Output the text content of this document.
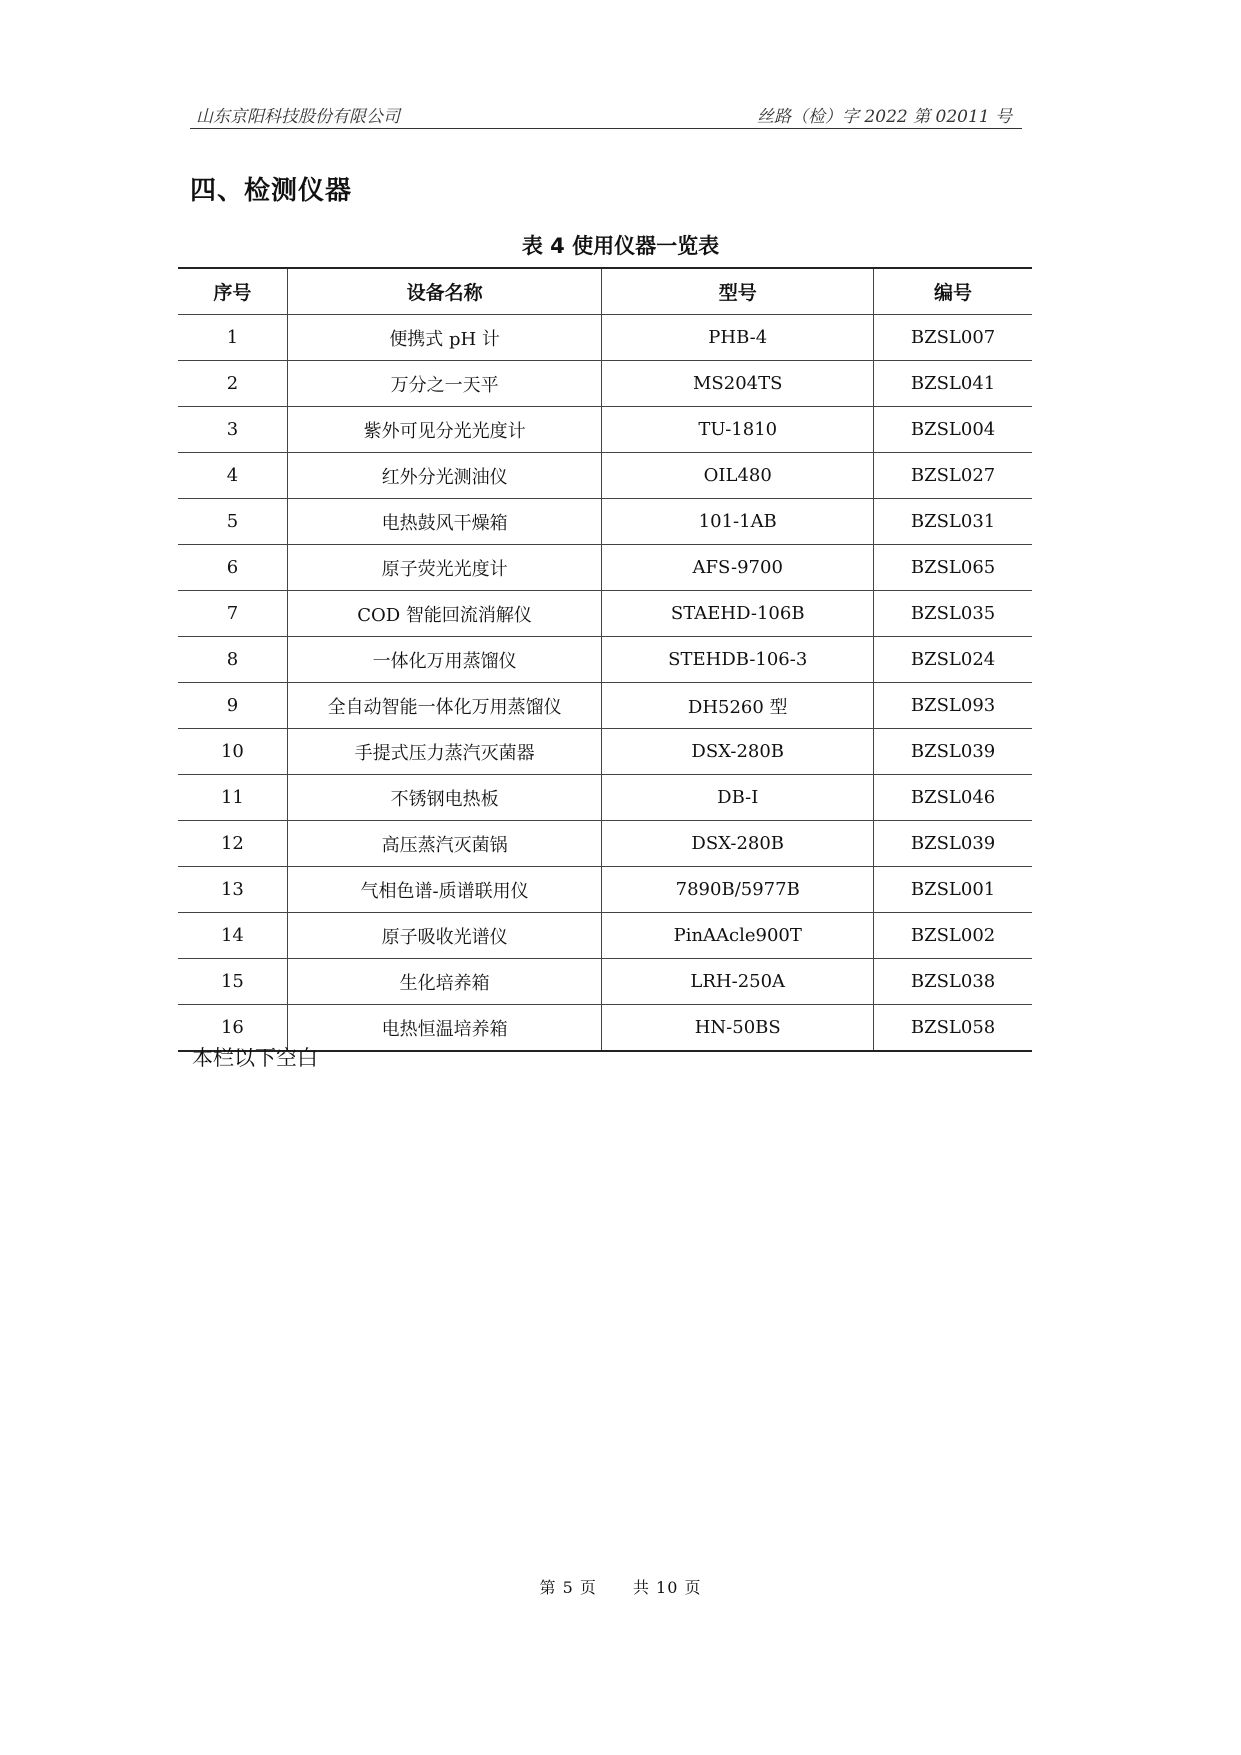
山东京阳科技股份有限公司	丝路（检）字 2022 第 02011 号
四、检测仪器
表 4 使用仪器一览表
序号	设备名称	型号	编号
1	便携式 pH 计	PHB-4	BZSL007
2	万分之一天平	MS204TS	BZSL041
3	紫外可见分光光度计	TU-1810	BZSL004
4	红外分光测油仪	OIL480	BZSL027
5	电热鼓风干燥箱	101-1AB	BZSL031
6	原子荧光光度计	AFS-9700	BZSL065
7	COD 智能回流消解仪	STAEHD-106B	BZSL035
8	一体化万用蒸馏仪	STEHDB-106-3	BZSL024
9	全自动智能一体化万用蒸馏仪	DH5260 型	BZSL093
10	手提式压力蒸汽灭菌器	DSX-280B	BZSL039
11	不锈钢电热板	DB-I	BZSL046
12	高压蒸汽灭菌锅	DSX-280B	BZSL039
13	气相色谱-质谱联用仪	7890B/5977B	BZSL001
14	原子吸收光谱仪	PinAAcle900T	BZSL002
15	生化培养箱	LRH-250A	BZSL038
16	电热恒温培养箱	HN-50BS	BZSL058
本栏以下空白
第 5 页 共 10 页
